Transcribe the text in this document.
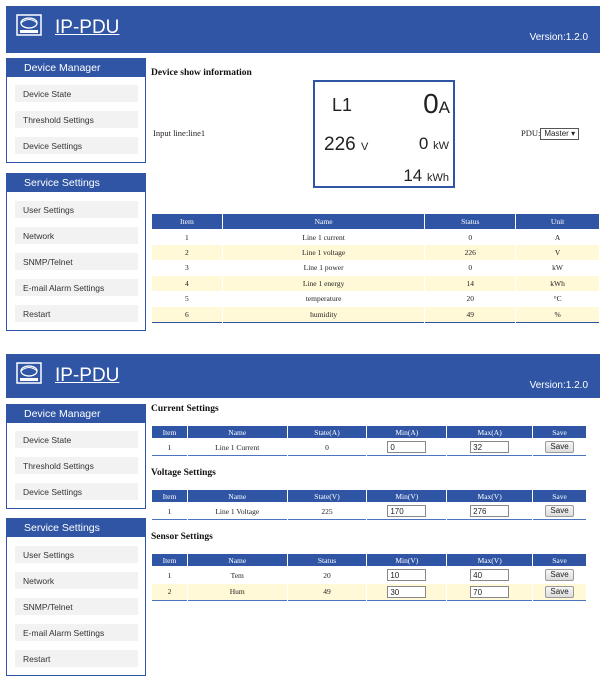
IP-PDU	Version:1.2.0
Device Manager
Device State
Threshold Settings
Device Settings
Service Settings
User Settings
Network
SNMP/Telnet
E-mail Alarm Settings
Restart
Device show information
L1	0A
226 V	0 kW
14 kWh
Input line:line1	PDU: Master ▾
Item	Name	Status	Unit
1	Line 1 current	0	A
2	Line 1 voltage	226	V
3	Line 1 power	0	kW
4	Line 1 energy	14	kWh
5	temperature	20	°C
6	humidity	49	%
IP-PDU	Version:1.2.0
Device Manager
Device State
Threshold Settings
Device Settings
Service Settings
User Settings
Network
SNMP/Telnet
E-mail Alarm Settings
Restart
Current Settings
Item	Name	State(A)	Min(A)	Max(A)	Save
1	Line 1 Current	0	0	32	Save
Voltage Settings
Item	Name	State(V)	Min(V)	Max(V)	Save
1	Line 1 Voltage	225	170	276	Save
Sensor Settings
Item	Name	Status	Min(V)	Max(V)	Save
1	Tem	20	10	40	Save
2	Hum	49	30	70	Save
